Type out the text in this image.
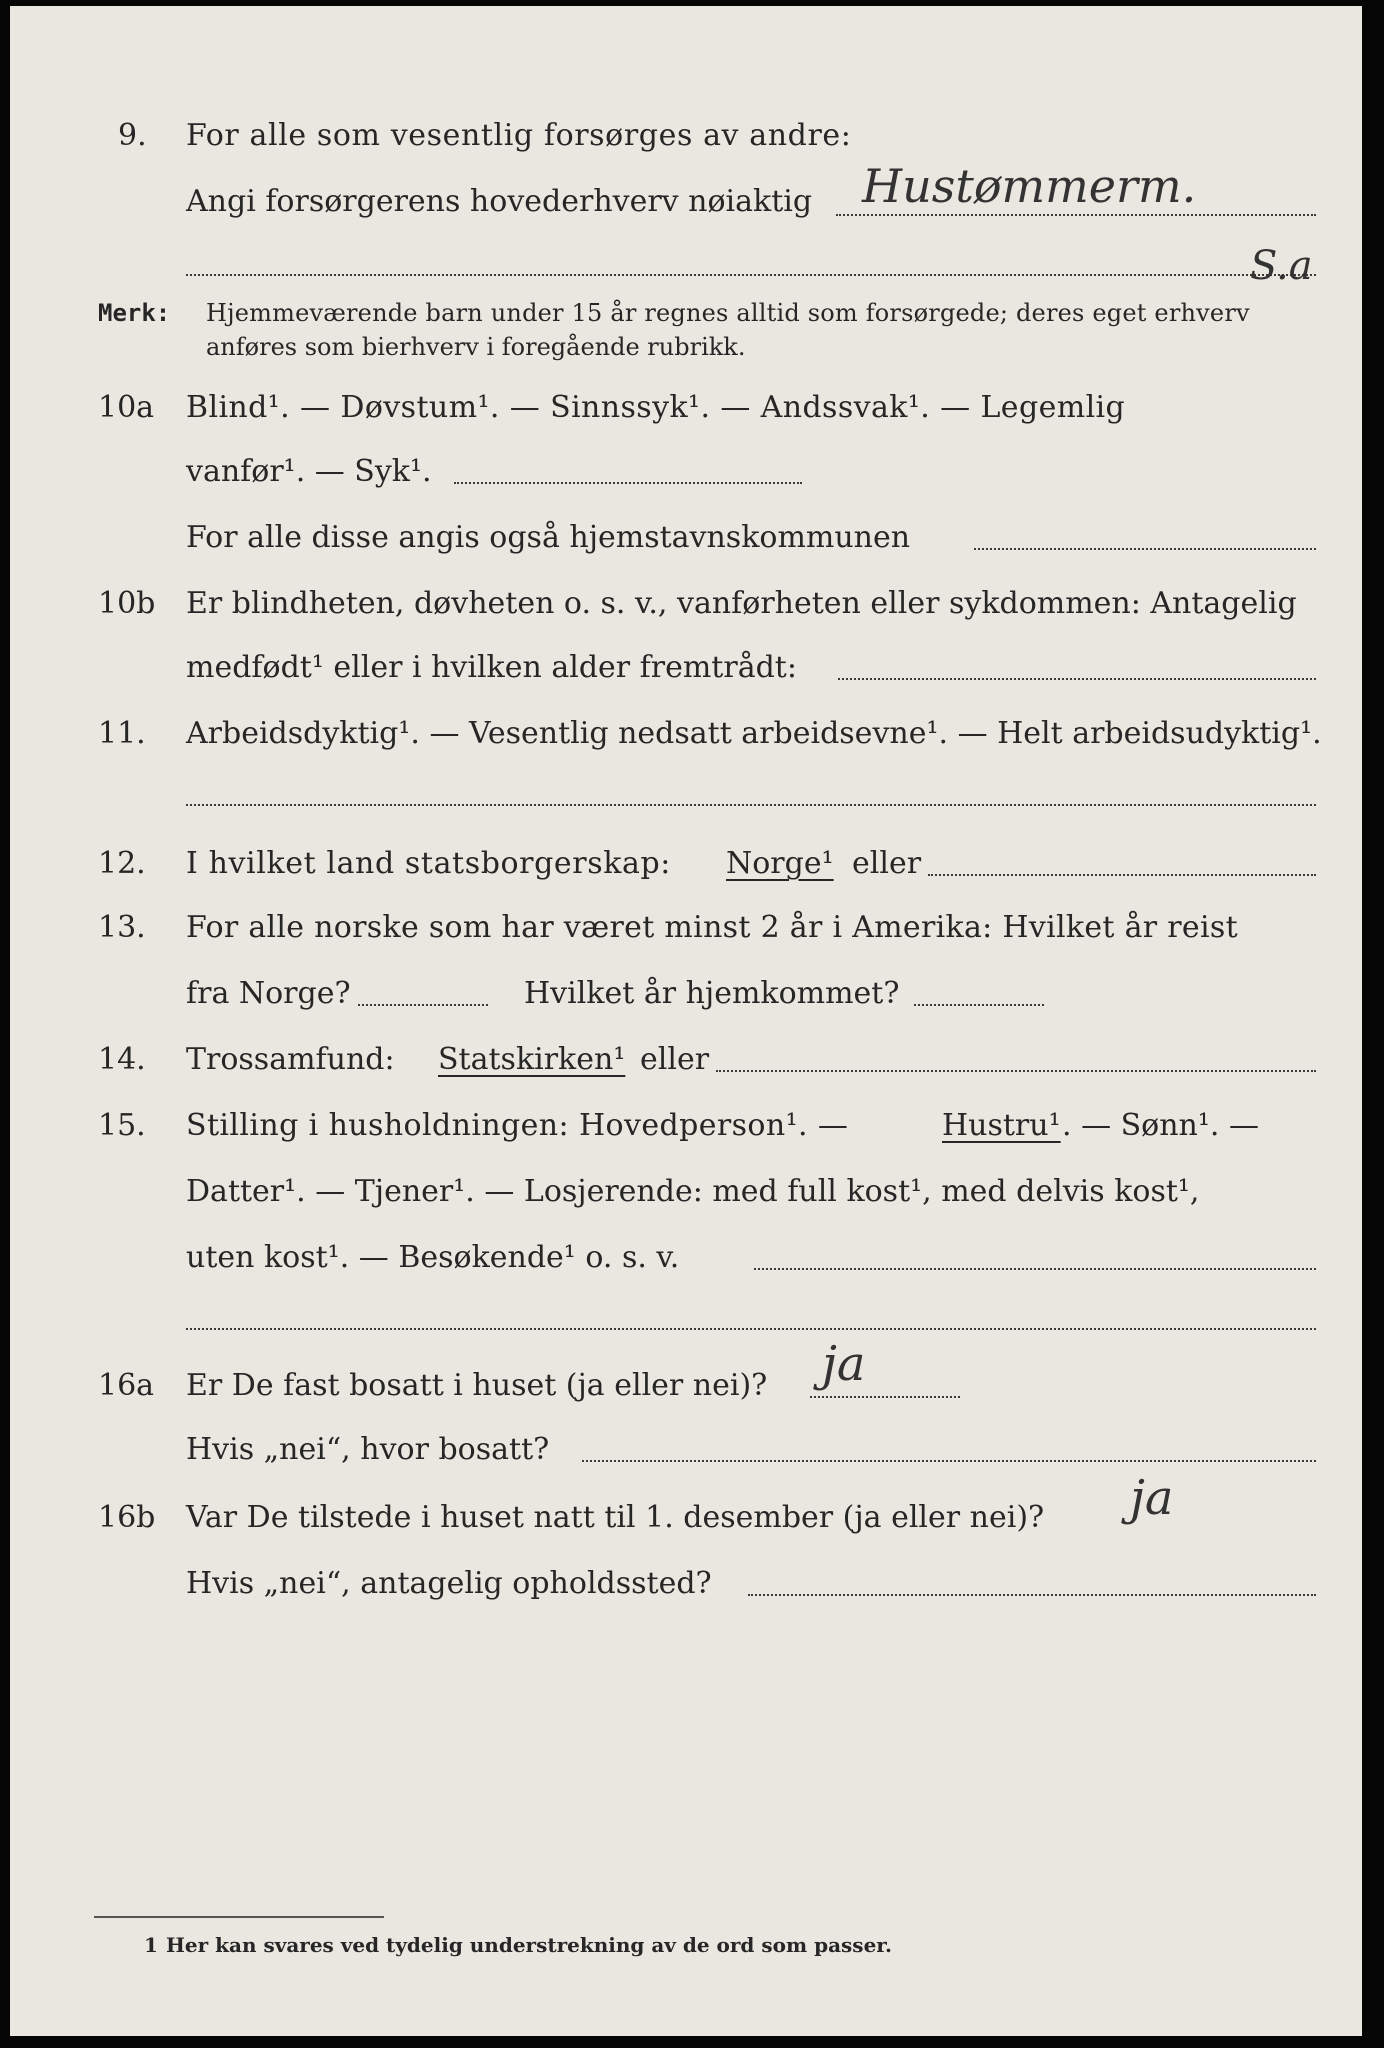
9. For alle som vesentlig forsørges av andre:
Angi forsørgerens hovederhverv nøiaktig Hustømmerm.
S.a
Merk: Hjemmeværende barn under 15 år regnes alltid som forsørgede; deres eget erhverv
anføres som bierhverv i foregående rubrikk.
10a Blind¹. — Døvstum¹. — Sinnssyk¹. — Andssvak¹. — Legemlig
vanfør¹. — Syk¹.
For alle disse angis også hjemstavnskommunen
10b Er blindheten, døvheten o. s. v., vanførheten eller sykdommen: Antagelig
medfødt¹ eller i hvilken alder fremtrådt:
11. Arbeidsdyktig¹. — Vesentlig nedsatt arbeidsevne¹. — Helt arbeidsudyktig¹.
12. I hvilket land statsborgerskap: Norge¹ eller
13. For alle norske som har været minst 2 år i Amerika: Hvilket år reist
fra Norge?	Hvilket år hjemkommet?
14. Trossamfund: Statskirken¹ eller
15. Stilling i husholdningen: Hovedperson¹. —	Hustru¹ . — Sønn¹. —
Datter¹. — Tjener¹. — Losjerende: med full kost¹, med delvis kost¹,
uten kost¹. — Besøkende¹ o. s. v.
16a Er De fast bosatt i huset (ja eller nei)? ja
Hvis „nei“, hvor bosatt?
16b Var De tilstede i huset natt til 1. desember (ja eller nei)? ja
Hvis „nei“, antagelig opholdssted?
1 Her kan svares ved tydelig understrekning av de ord som passer.
